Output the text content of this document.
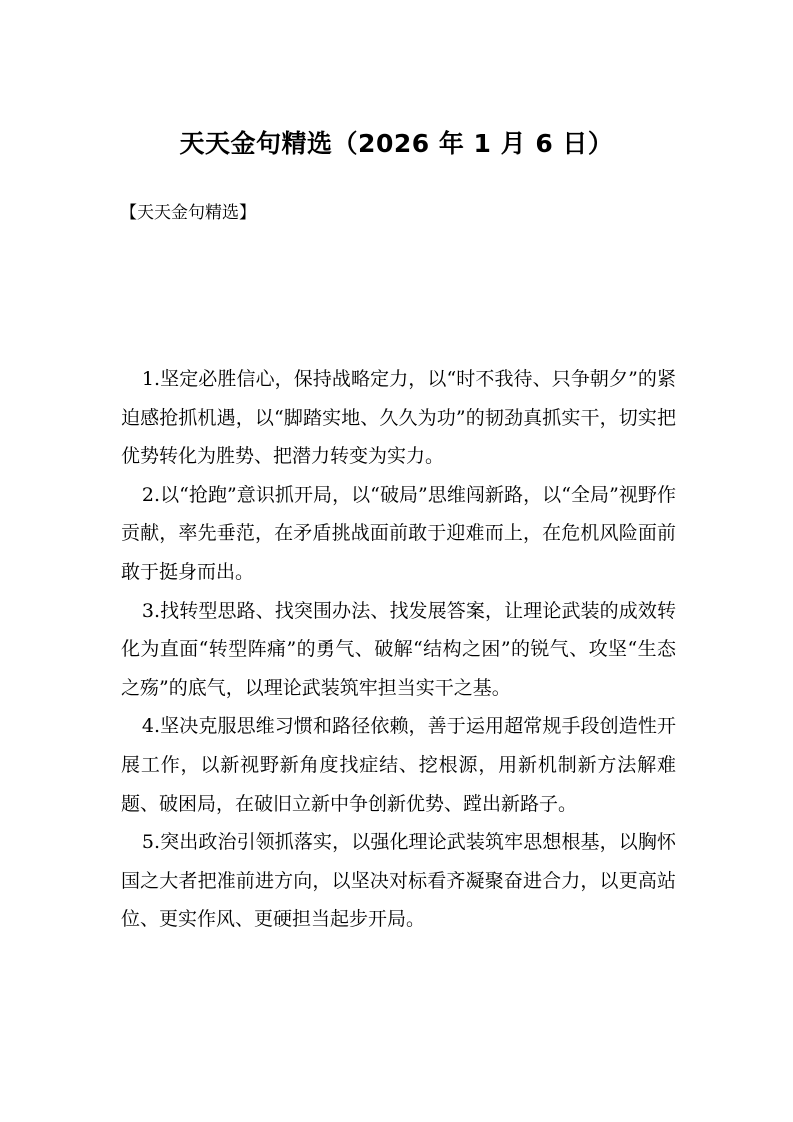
天天金句精选（2026 年 1 月 6 日）

【天天金句精选】

1.坚定必胜信心，保持战略定力，以“时不我待、只争朝夕”的紧迫感抢抓机遇，以“脚踏实地、久久为功”的韧劲真抓实干，切实把优势转化为胜势、把潜力转变为实力。

2.以“抢跑”意识抓开局，以“破局”思维闯新路，以“全局”视野作贡献，率先垂范，在矛盾挑战面前敢于迎难而上，在危机风险面前敢于挺身而出。

3.找转型思路、找突围办法、找发展答案，让理论武装的成效转化为直面“转型阵痛”的勇气、破解“结构之困”的锐气、攻坚“生态之殇”的底气，以理论武装筑牢担当实干之基。

4.坚决克服思维习惯和路径依赖，善于运用超常规手段创造性开展工作，以新视野新角度找症结、挖根源，用新机制新方法解难题、破困局，在破旧立新中争创新优势、蹚出新路子。

5.突出政治引领抓落实，以强化理论武装筑牢思想根基，以胸怀国之大者把准前进方向，以坚决对标看齐凝聚奋进合力，以更高站位、更实作风、更硬担当起步开局。
